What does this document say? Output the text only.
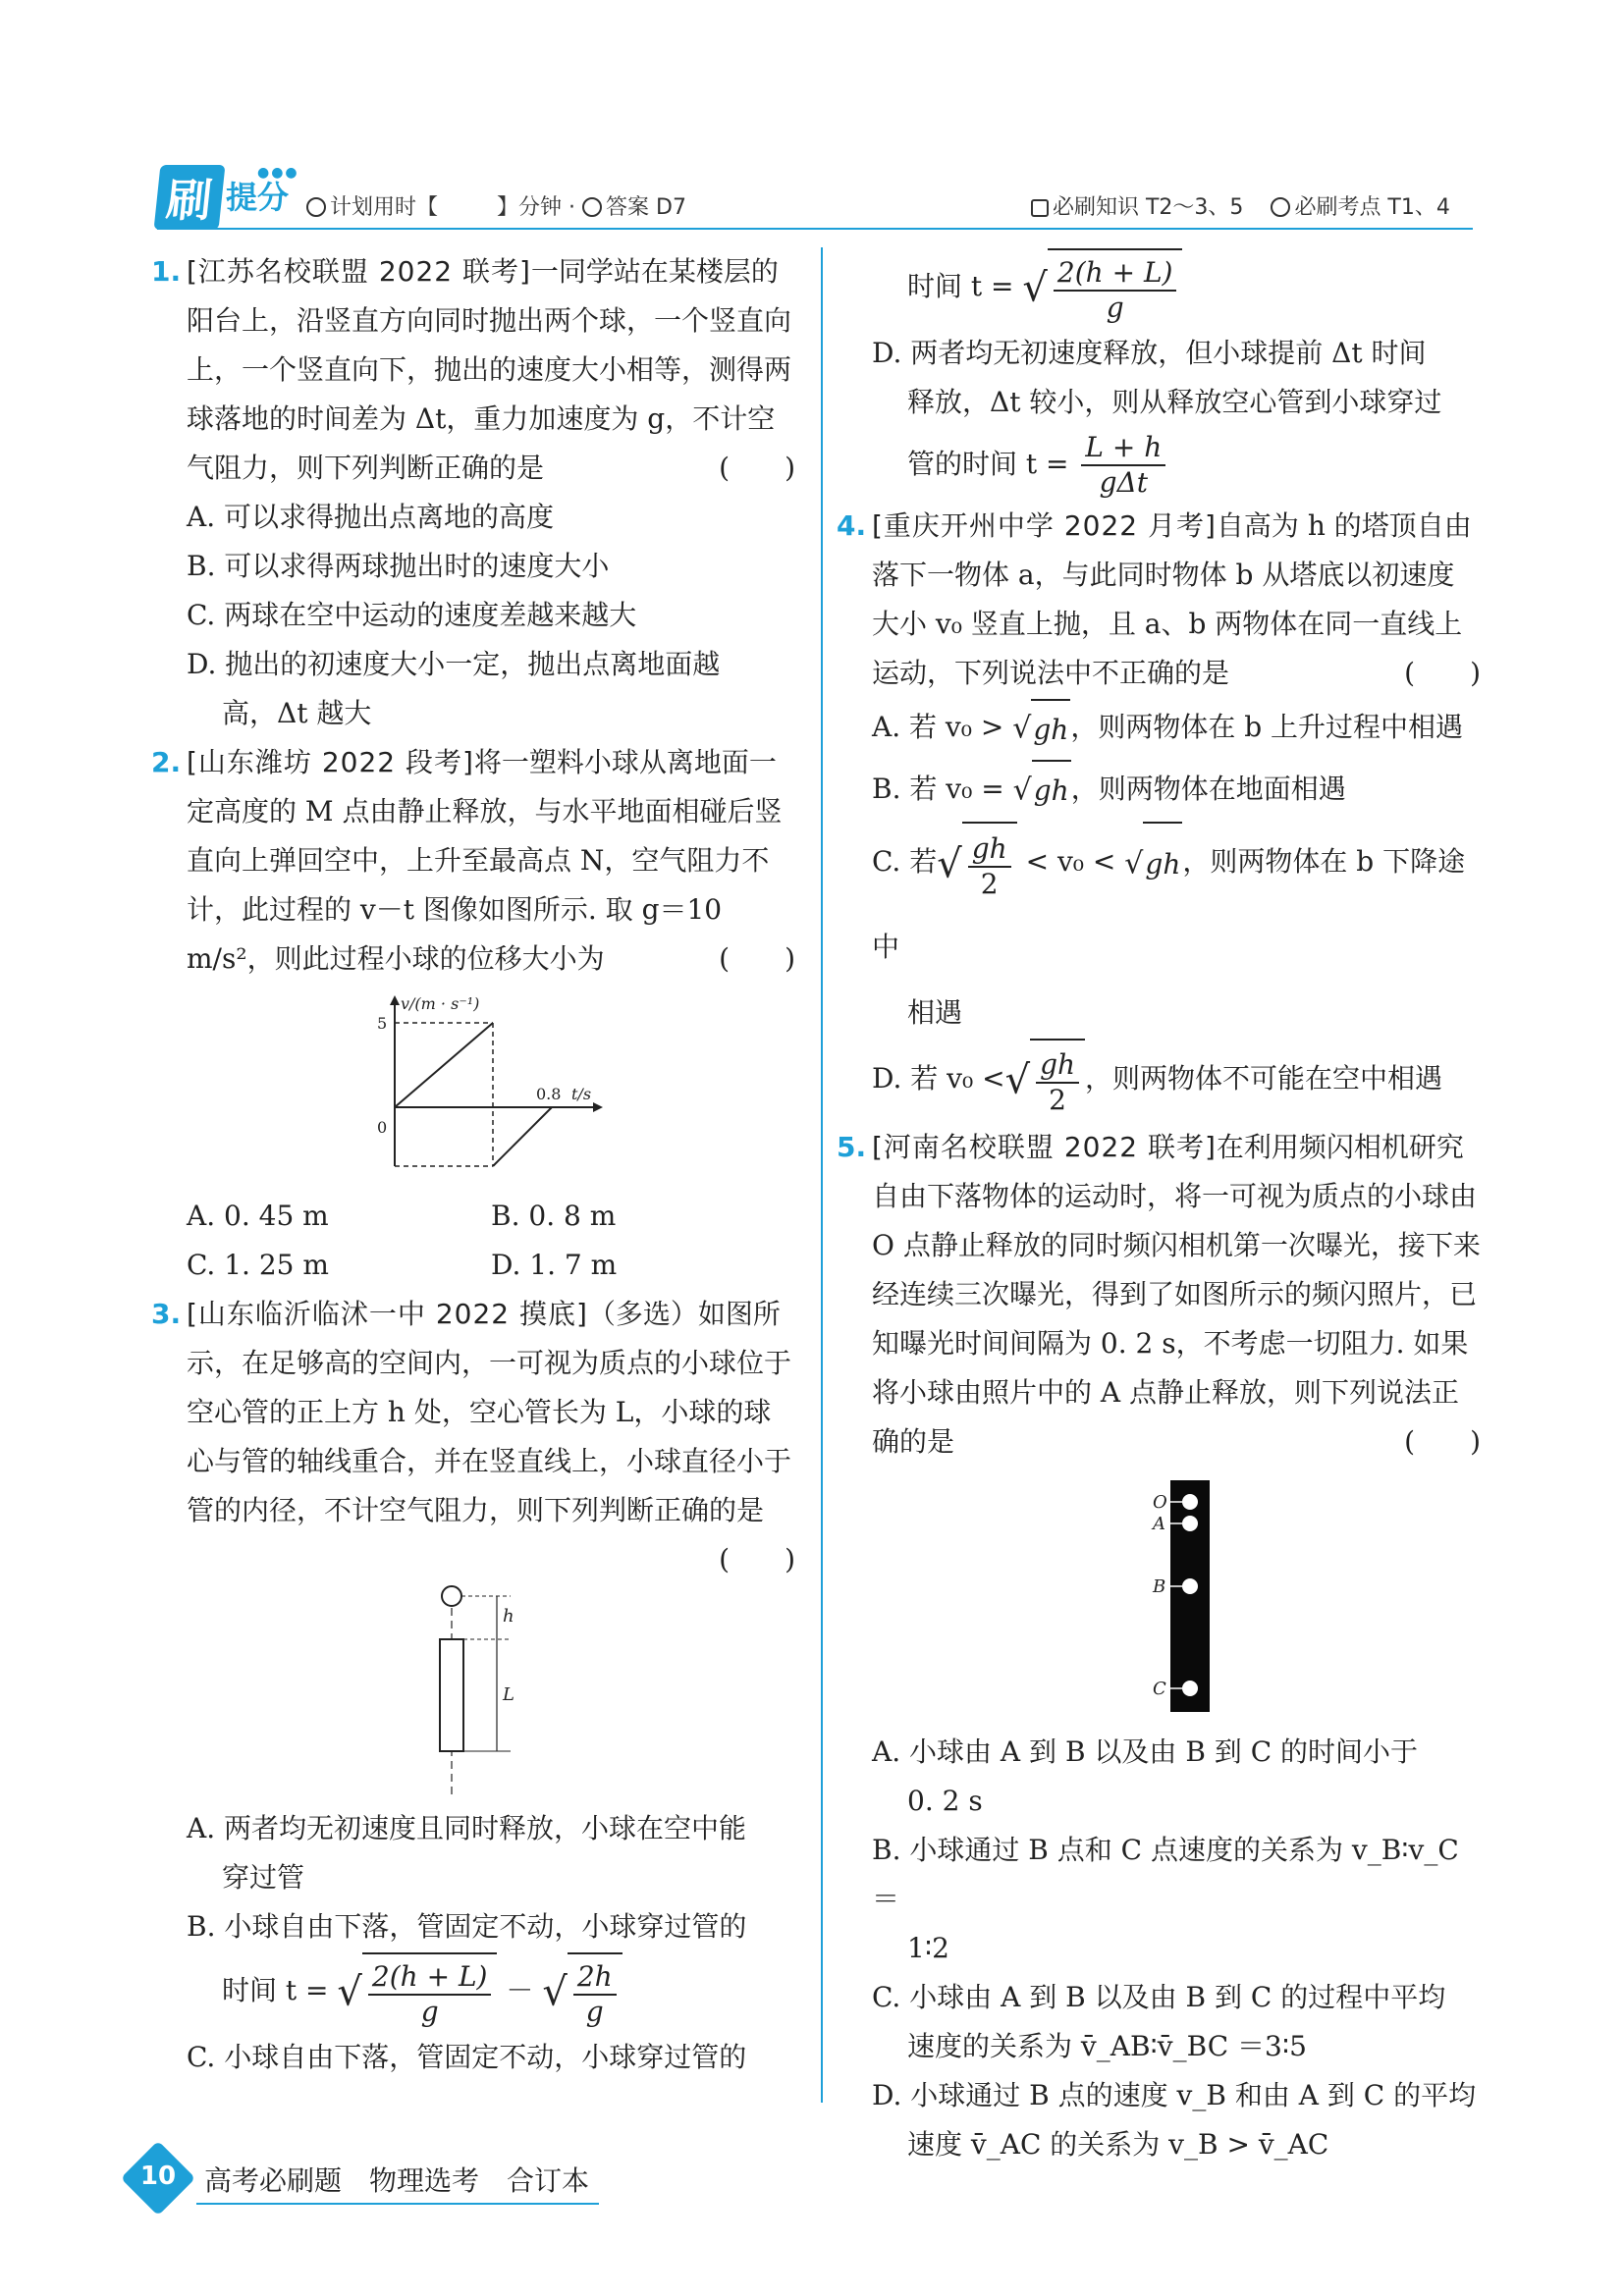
刷 提分
●●●
计划用时【	】分钟 · 答案 D7	必刷知识 T2～3、5 必刷考点 T1、4
1. [江苏名校联盟 2022 联考]一同学站在某楼层的阳台上，沿竖直方向同时抛出两个球，一个竖直向上，一个竖直向下，抛出的速度大小相等，测得两球落地的时间差为 Δt，重力加速度为 g，不计空气阻力，则下列判断正确的是	(　　)

A. 可以求得抛出点离地的高度

B. 可以求得两球抛出时的速度大小

C. 两球在空中运动的速度差越来越大

D. 抛出的初速度大小一定，抛出点离地面越
高，Δt 越大

2. [山东潍坊 2022 段考]将一塑料小球从离地面一定高度的 M 点由静止释放，与水平地面相碰后竖直向上弹回空中，上升至最高点 N，空气阻力不计，此过程的 v－t 图像如图所示. 取 g＝10 m/s²，则此过程小球的位移大小为	(　　)

v/(m · s⁻¹)
5
0
0.8 t/s

A. 0. 45 m	B. 0. 8 m

C. 1. 25 m	D. 1. 7 m

3. [山东临沂临沭一中 2022 摸底]（多选）如图所示，在足够高的空间内，一可视为质点的小球位于空心管的正上方 h 处，空心管长为 L，小球的球心与管的轴线重合，并在竖直线上，小球直径小于管的内径，不计空气阻力，则下列判断正确的是
(　　)

h
L

A. 两者均无初速度且同时释放，小球在空中能
穿过管

B. 小球自由下落，管固定不动，小球穿过管的

时间 t = √ $\frac{2(h + L)}{g}$ － √ $\frac{2h}{g}$

C. 小球自由下落，管固定不动，小球穿过管的

时间 t = √ $\frac{2(h + L)}{g}$

D. 两者均无初速度释放，但小球提前 Δt 时间
释放，Δt 较小，则从释放空心管到小球穿过

管的时间 $t = \frac{L + h}{\text{gΔt}}$

4. [重庆开州中学 2022 月考]自高为 h 的塔顶自由落下一物体 a，与此同时物体 b 从塔底以初速度大小 v₀ 竖直上抛，且 a、b 两物体在同一直线上运动，下列说法中不正确的是	(　　)

A. 若 v₀ > √gh，则两物体在 b 上升过程中相遇

B. 若 v₀ = √gh，则两物体在地面相遇

C. 若√ $\frac{gh}{2} < v_0 < √gh$，则两物体在 b 下降途中

相遇

D. 若 v₀ <√ $\frac{gh}{2}$ ，则两物体不可能在空中相遇

5. [河南名校联盟 2022 联考]在利用频闪相机研究自由下落物体的运动时，将一可视为质点的小球由 O 点静止释放的同时频闪相机第一次曝光，接下来经连续三次曝光，得到了如图所示的频闪照片，已知曝光时间间隔为 0. 2 s，不考虑一切阻力. 如果将小球由照片中的 A 点静止释放，则下列说法正确的是	(　　)

O
A
B
C

A. 小球由 A 到 B 以及由 B 到 C 的时间小于
0. 2 s

B. 小球通过 B 点和 C 点速度的关系为 v_B∶v_C ＝
1∶2

C. 小球由 A 到 B 以及由 B 到 C 的过程中平均
速度的关系为 v̄_AB∶v̄_BC ＝3∶5

D. 小球通过 B 点的速度 v_B 和由 A 到 C 的平均
速度 v̄_AC 的关系为 v_B > v̄_AC

10	高考必刷题　物理选考　合订本
